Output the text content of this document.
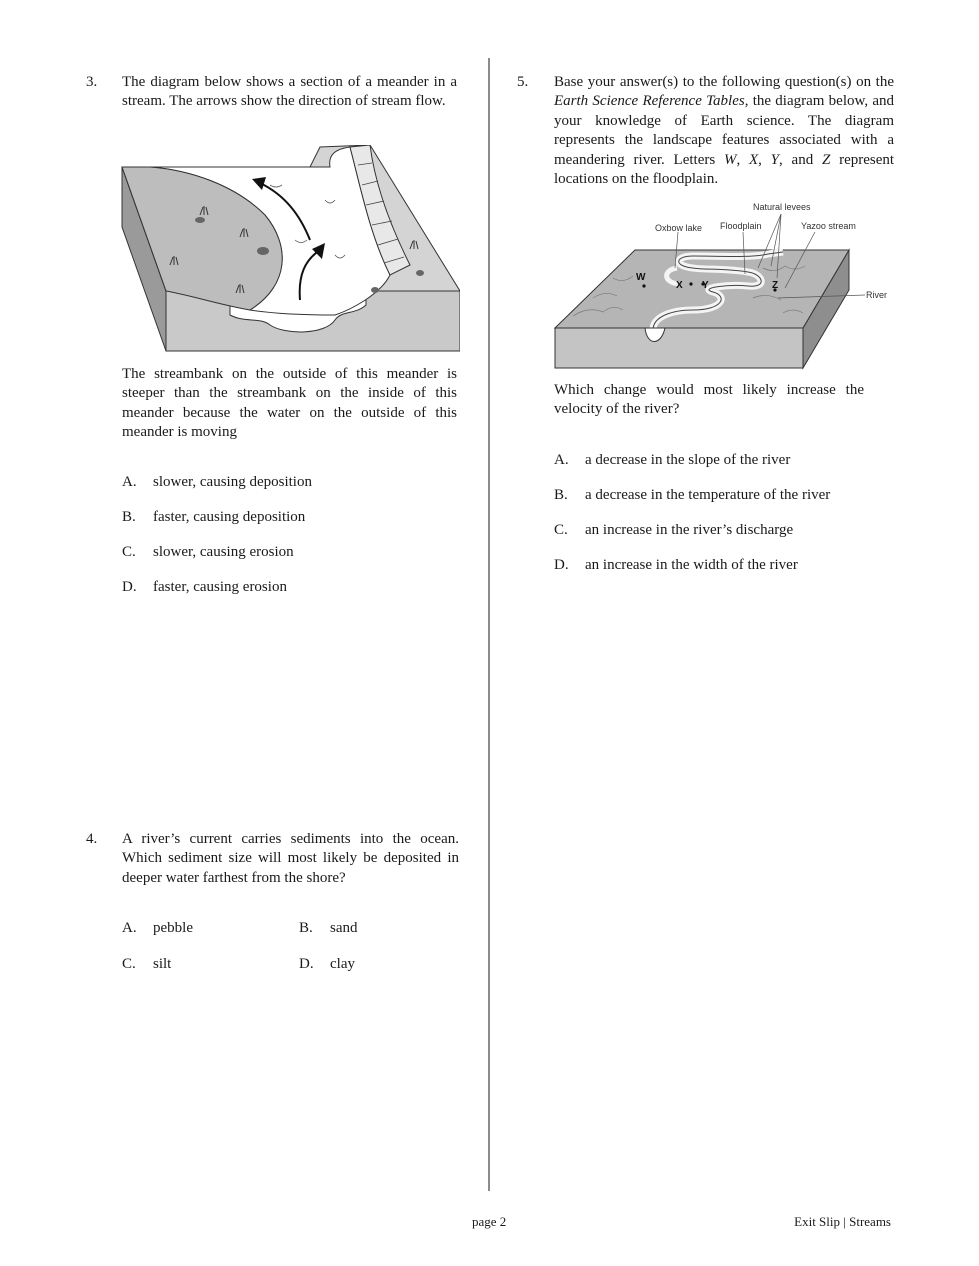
3. The diagram below shows a section of a meander in a stream. The arrows show the direction of stream flow.
The streambank on the outside of this meander is steeper than the streambank on the inside of this meander because the water on the outside of this meander is moving
A. slower, causing deposition
B. faster, causing deposition
C. slower, causing erosion
D. faster, causing erosion
4. A river’s current carries sediments into the ocean. Which sediment size will most likely be deposited in deeper water farthest from the shore?
A. pebble	B. sand
C. silt	D. clay
5. Base your answer(s) to the following question(s) on the Earth Science Reference Tables, the diagram below, and your knowledge of Earth science. The diagram represents the landscape features associated with a meandering river. Letters W, X, Y, and Z represent locations on the floodplain.
Natural levees
Oxbow lake Floodplain	Yazoo stream
River
W
X Y	Z
Which change would most likely increase the velocity of the river?
A. a decrease in the slope of the river
B. a decrease in the temperature of the river
C. an increase in the river’s discharge
D. an increase in the width of the river
page 2	Exit Slip | Streams
